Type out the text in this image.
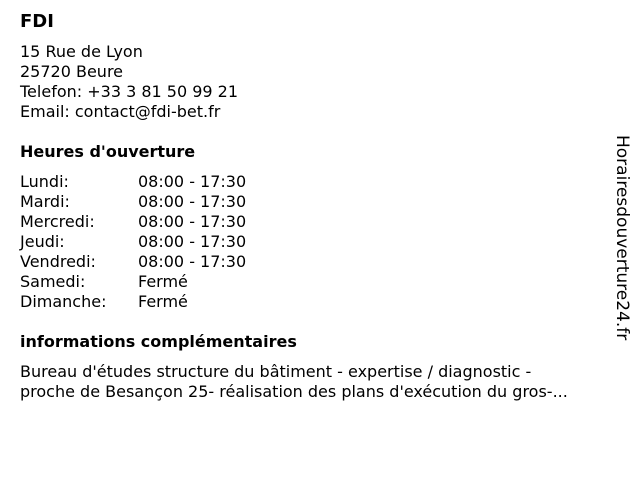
FDI
15 Rue de Lyon
25720 Beure
Telefon: +33 3 81 50 99 21
Email: contact@fdi-bet.fr
Heures d'ouverture
Lundi:	08:00 - 17:30
Mardi:	08:00 - 17:30
Mercredi:	08:00 - 17:30
Jeudi:	08:00 - 17:30
Vendredi:	08:00 - 17:30
Samedi:	Fermé
Dimanche:	Fermé
informations complémentaires
Bureau d'études structure du bâtiment - expertise / diagnostic -
proche de Besançon 25- réalisation des plans d'exécution du gros-...
Horairesdouverture24.fr
